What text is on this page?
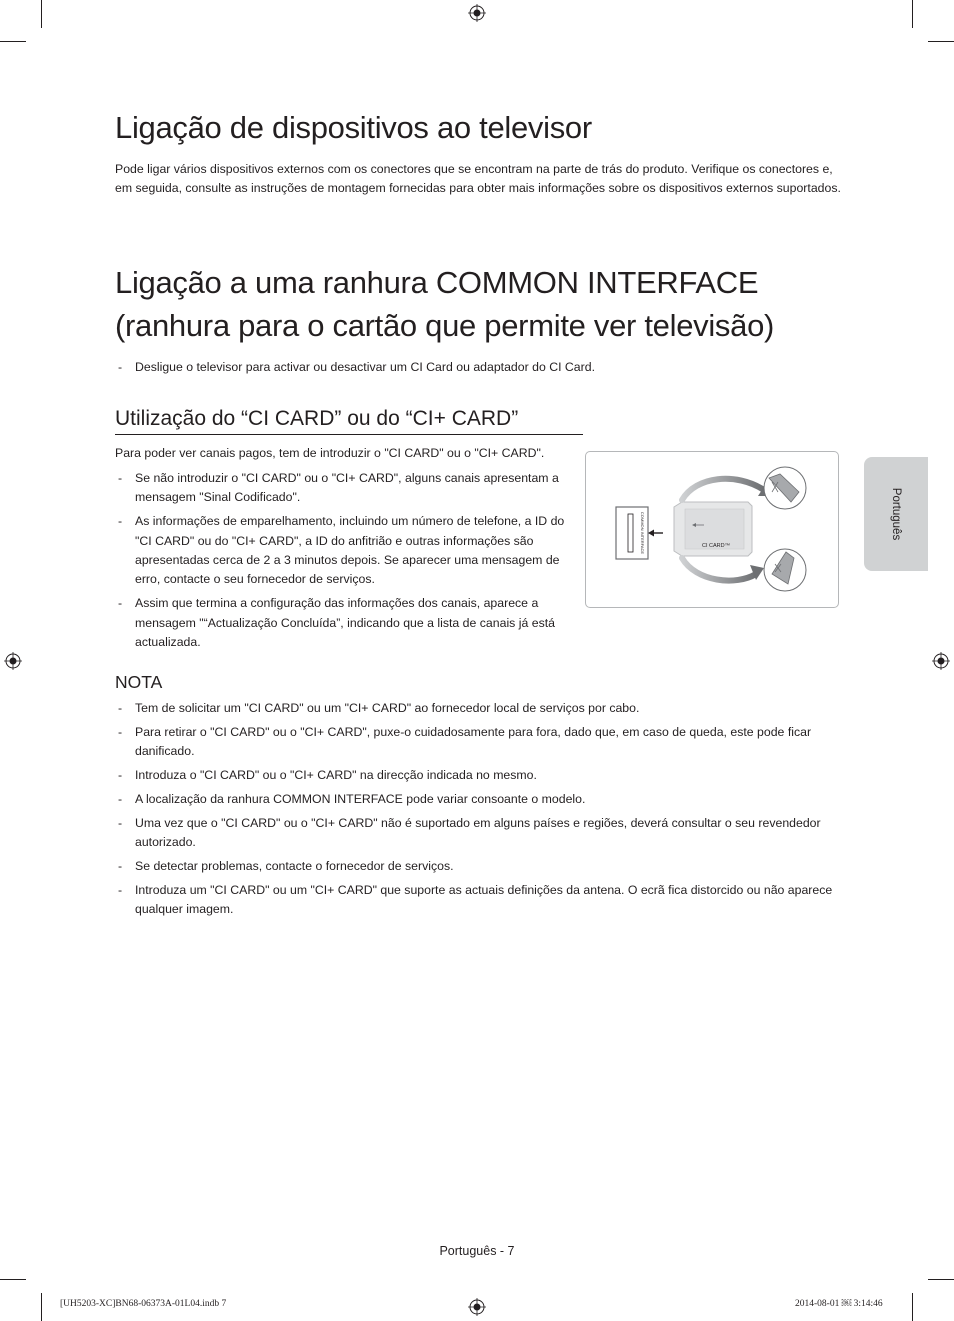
Ligação de dispositivos ao televisor

Pode ligar vários dispositivos externos com os conectores que se encontram na parte de trás do produto. Verifique os conectores e, em seguida, consulte as instruções de montagem fornecidas para obter mais informações sobre os dispositivos externos suportados.

Ligação a uma ranhura COMMON INTERFACE
(ranhura para o cartão que permite ver televisão)
- Desligue o televisor para activar ou desactivar um CI Card ou adaptador do CI Card.
Utilização do “CI CARD” ou do “CI+ CARD”

Para poder ver canais pagos, tem de introduzir o "CI CARD" ou o "CI+ CARD".

- Se não introduzir o "CI CARD" ou o "CI+ CARD", alguns canais apresentam a mensagem "Sinal Codificado".
- As informações de emparelhamento, incluindo um número de telefone, a ID do "CI CARD" ou do "CI+ CARD", a ID do anfitrião e outras informações são apresentadas cerca de 2 a 3 minutos depois. Se aparecer uma mensagem de erro, contacte o seu fornecedor de serviços.
- Assim que termina a configuração das informações dos canais, aparece a mensagem "“Actualização Concluída”, indicando que a lista de canais já está actualizada.
COMMON INTERFACE	CI CARD™
NOTA
- Tem de solicitar um "CI CARD" ou um "CI+ CARD" ao fornecedor local de serviços por cabo.
- Para retirar o "CI CARD" ou o "CI+ CARD", puxe-o cuidadosamente para fora, dado que, em caso de queda, este pode ficar danificado.
- Introduza o "CI CARD" ou o "CI+ CARD" na direcção indicada no mesmo.
- A localização da ranhura COMMON INTERFACE pode variar consoante o modelo.
- Uma vez que o "CI CARD" ou o "CI+ CARD" não é suportado em alguns países e regiões, deverá consultar o seu revendedor autorizado.
- Se detectar problemas, contacte o fornecedor de serviços.
- Introduza um "CI CARD" ou um "CI+ CARD" que suporte as actuais definições da antena. O ecrã fica distorcido ou não aparece qualquer imagem.
Português
Português - 7
[UH5203-XC]BN68-06373A-01L04.indb 7	2014-08-01 ￼ 3:14:46
